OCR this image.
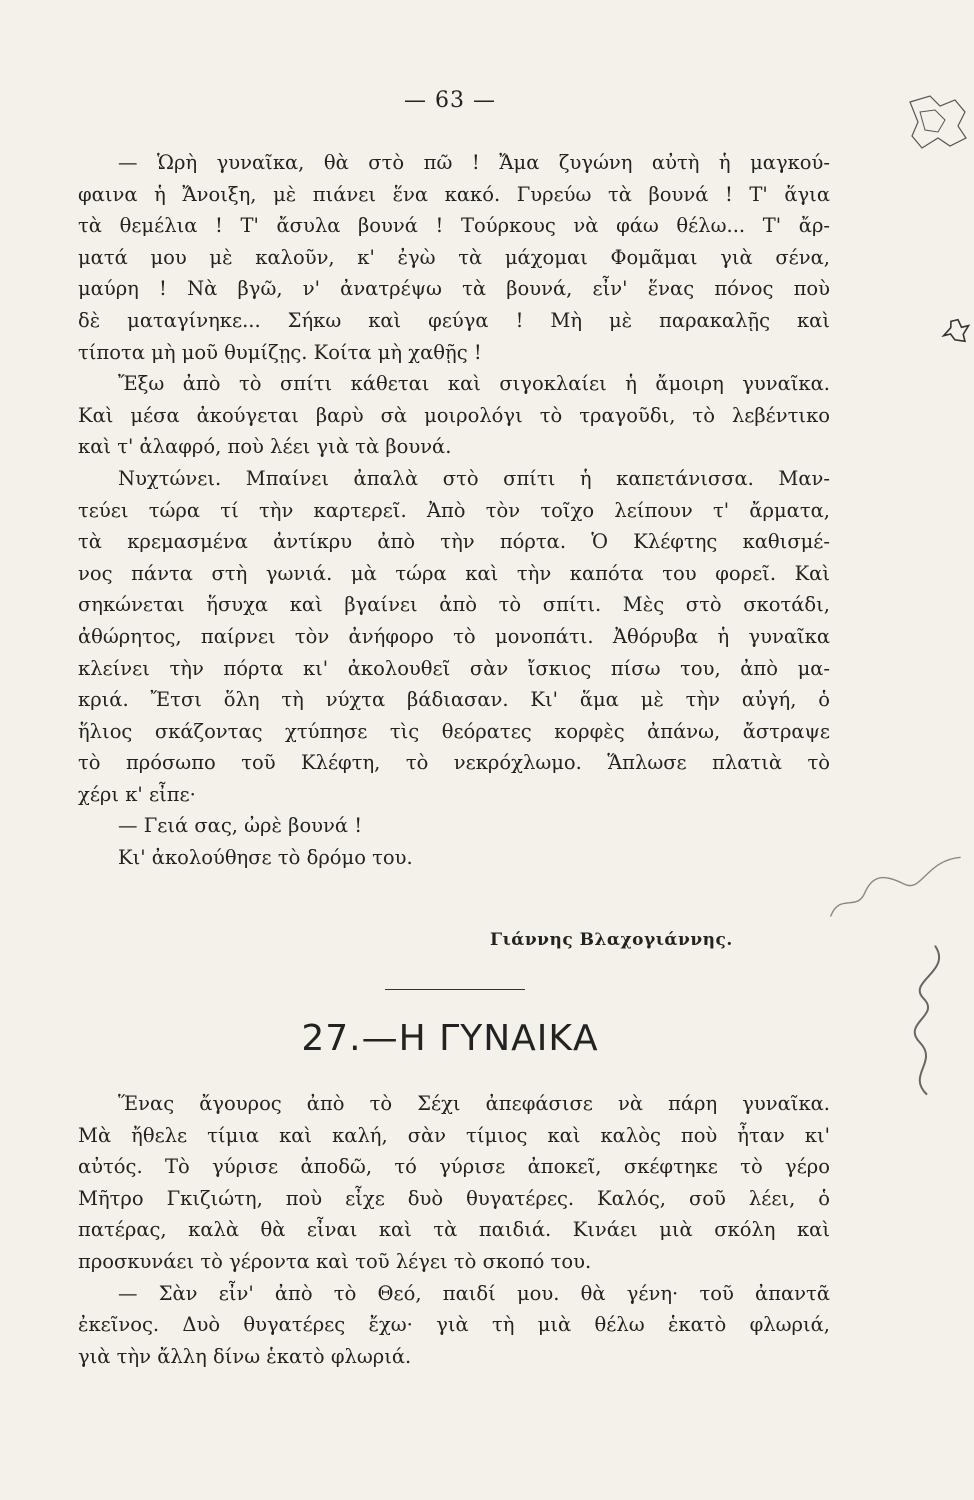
— 63 —
— Ὡρὴ γυναῖκα, θὰ στὸ πῶ ! Ἄμα ζυγώνη αὐτὴ ἡ μαγκού-
φαινα ἡ Ἄνοιξη, μὲ πιάνει ἕνα κακό. Γυρεύω τὰ βουνά ! Τ' ἅγια
τὰ θεμέλια ! Τ' ἄσυλα βουνά ! Τούρκους νὰ φάω θέλω... Τ' ἄρ-
ματά μου μὲ καλοῦν, κ' ἐγὼ τὰ μάχομαι Φομᾶμαι γιὰ σένα,
μαύρη ! Νὰ βγῶ, ν' ἀνατρέψω τὰ βουνά, εἶν' ἕνας πόνος ποὺ
δὲ ματαγίνηκε... Σήκω καὶ φεύγα ! Μὴ μὲ παρακαλῇς καὶ
τίποτα μὴ μοῦ θυμίζῃς. Κοίτα μὴ χαθῇς !
Ἔξω ἀπὸ τὸ σπίτι κάθεται καὶ σιγοκλαίει ἡ ἄμοιρη γυναῖκα.
Καὶ μέσα ἀκούγεται βαρὺ σὰ μοιρολόγι τὸ τραγοῦδι, τὸ λεβέντικο
καὶ τ' ἀλαφρό, ποὺ λέει γιὰ τὰ βουνά.
Νυχτώνει. Μπαίνει ἀπαλὰ στὸ σπίτι ἡ καπετάνισσα. Μαν-
τεύει τώρα τί τὴν καρτερεῖ. Ἀπὸ τὸν τοῖχο λείπουν τ' ἄρματα,
τὰ κρεμασμένα ἀντίκρυ ἀπὸ τὴν πόρτα. Ὁ Κλέφτης καθισμέ-
νος πάντα στὴ γωνιά. μὰ τώρα καὶ τὴν καπότα του φορεῖ. Καὶ
σηκώνεται ἥσυχα καὶ βγαίνει ἀπὸ τὸ σπίτι. Μὲς στὸ σκοτάδι,
ἀθώρητος, παίρνει τὸν ἀνήφορο τὸ μονοπάτι. Ἀθόρυβα ἡ γυναῖκα
κλείνει τὴν πόρτα κι' ἀκολουθεῖ σὰν ἴσκιος πίσω του, ἀπὸ μα-
κριά. Ἔτσι ὅλη τὴ νύχτα βάδιασαν. Κι' ἅμα μὲ τὴν αὐγή, ὁ
ἥλιος σκάζοντας χτύπησε τὶς θεόρατες κορφὲς ἀπάνω, ἄστραψε
τὸ πρόσωπο τοῦ Κλέφτη, τὸ νεκρόχλωμο. Ἅπλωσε πλατιὰ τὸ
χέρι κ' εἶπε·
— Γειά σας, ὠρὲ βουνά !
Κι' ἀκολούθησε τὸ δρόμο του.
Γιάννης Βλαχογιάννης.
27.—Η ΓΥΝΑΙΚΑ
Ἕνας ἄγουρος ἀπὸ τὸ Σέχι ἀπεφάσισε νὰ πάρη γυναῖκα.
Μὰ ἤθελε τίμια καὶ καλή, σὰν τίμιος καὶ καλὸς ποὺ ἦταν κι'
αὐτός. Τὸ γύρισε ἀποδῶ, τό γύρισε ἀποκεῖ, σκέφτηκε τὸ γέρο
Μῆτρο Γκιζιώτη, ποὺ εἶχε δυὸ θυγατέρες. Καλός, σοῦ λέει, ὁ
πατέρας, καλὰ θὰ εἶναι καὶ τὰ παιδιά. Κινάει μιὰ σκόλη καὶ
προσκυνάει τὸ γέροντα καὶ τοῦ λέγει τὸ σκοπό του.
— Σὰν εἶν' ἀπὸ τὸ Θεό, παιδί μου. θὰ γένη· τοῦ ἀπαντᾶ
ἐκεῖνος. Δυὸ θυγατέρες ἔχω· γιὰ τὴ μιὰ θέλω ἑκατὸ φλωριά,
γιὰ τὴν ἄλλη δίνω ἑκατὸ φλωριά.
